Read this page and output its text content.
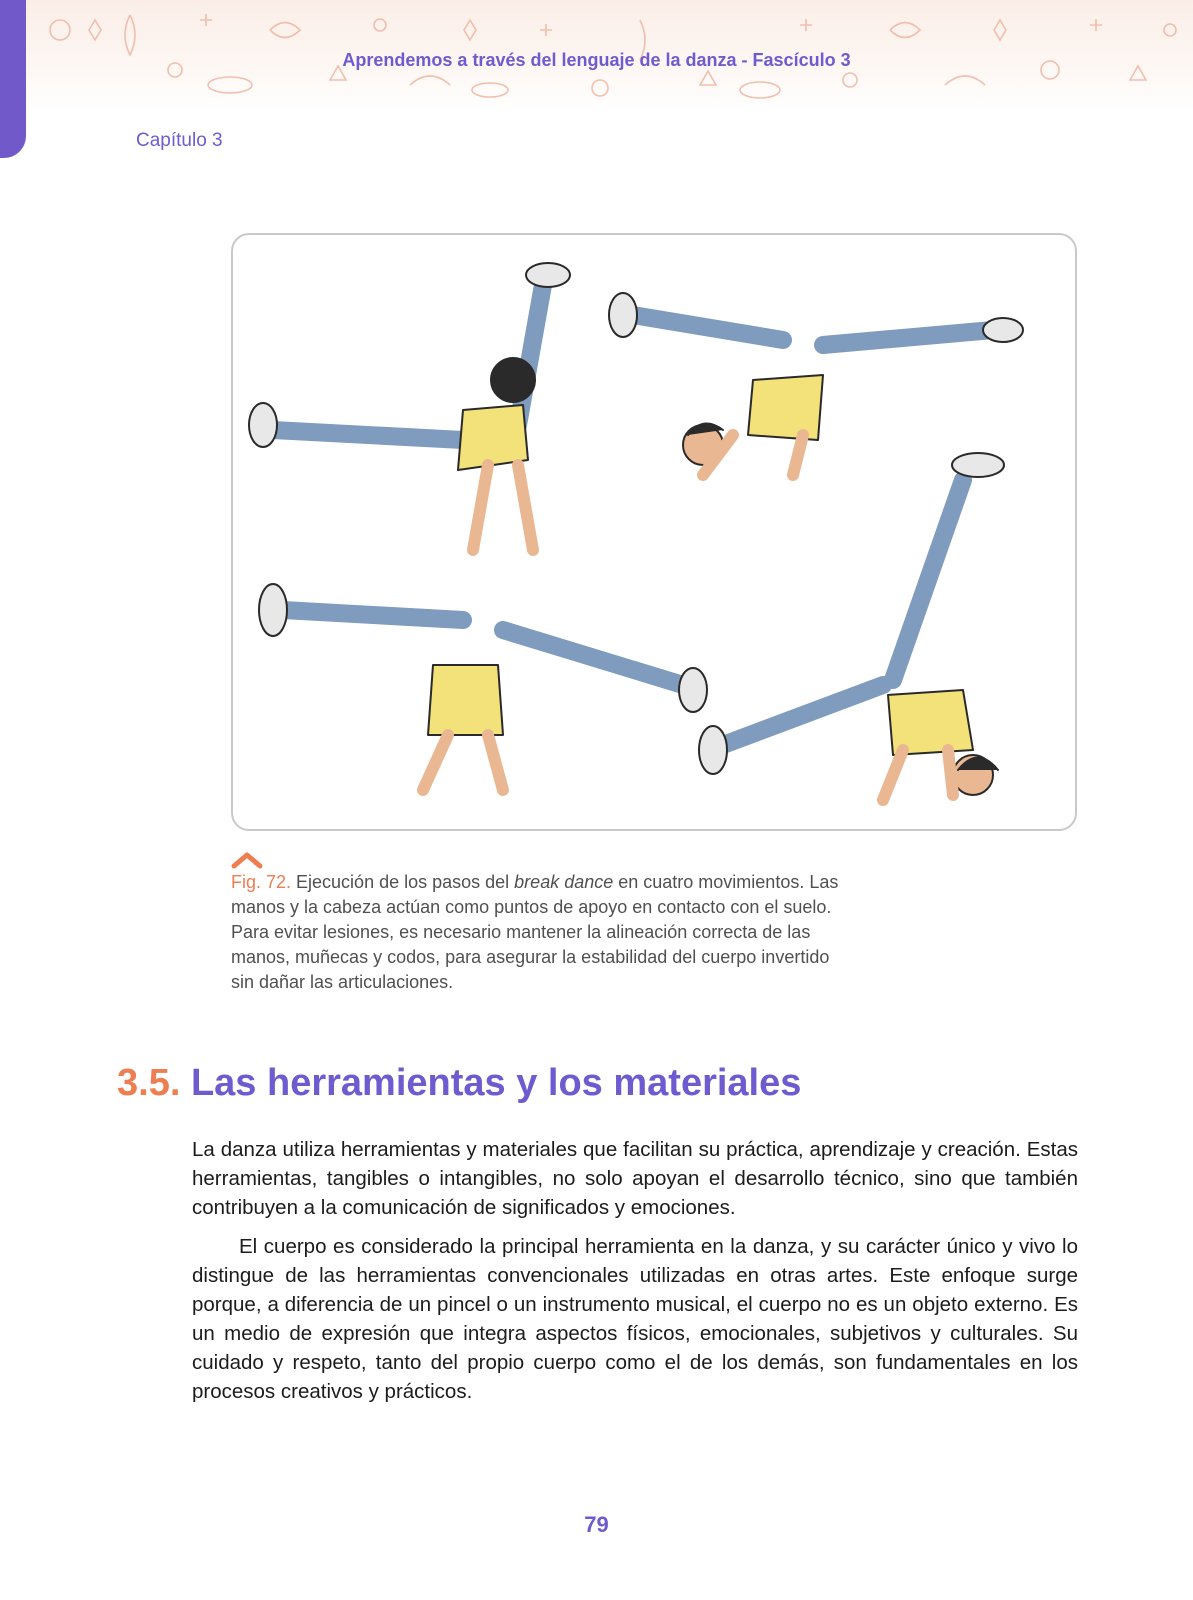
Aprendemos a través del lenguaje de la danza - Fascículo 3
Capítulo 3
Fig. 72. Ejecución de los pasos del break dance en cuatro movimientos. Las manos y la cabeza actúan como puntos de apoyo en contacto con el suelo. Para evitar lesiones, es necesario mantener la alineación correcta de las manos, muñecas y codos, para asegurar la estabilidad del cuerpo invertido sin dañar las articulaciones.
3.5. Las herramientas y los materiales

La danza utiliza herramientas y materiales que facilitan su práctica, aprendizaje y creación. Estas herramientas, tangibles o intangibles, no solo apoyan el desarrollo técnico, sino que también contribuyen a la comunicación de significados y emociones.

El cuerpo es considerado la principal herramienta en la danza, y su carácter único y vivo lo distingue de las herramientas convencionales utilizadas en otras artes. Este enfoque surge porque, a diferencia de un pincel o un instrumento musical, el cuerpo no es un objeto externo. Es un medio de expresión que integra aspectos físicos, emocionales, subjetivos y culturales. Su cuidado y respeto, tanto del propio cuerpo como el de los demás, son fundamentales en los procesos creativos y prácticos.

79
